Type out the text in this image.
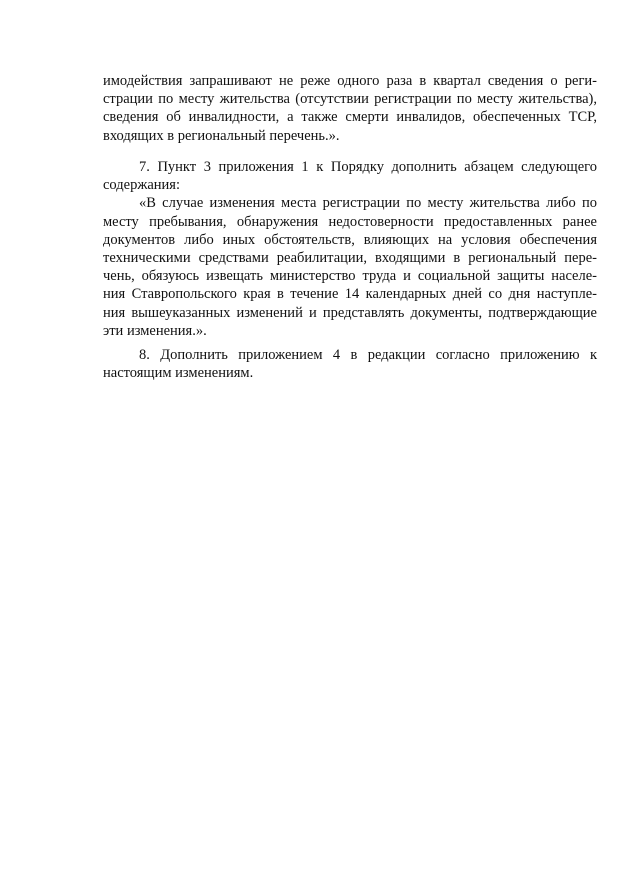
имодействия запрашивают не реже одного раза в квартал сведения о реги-
страции по месту жительства (отсутствии регистрации по месту жительства),
сведения об инвалидности, а также смерти инвалидов, обеспеченных ТСР,
входящих в региональный перечень.».
7. Пункт 3 приложения 1 к Порядку дополнить абзацем следующего
содержания:
«В случае изменения места регистрации по месту жительства либо по
месту пребывания, обнаружения недостоверности предоставленных ранее
документов либо иных обстоятельств, влияющих на условия обеспечения
техническими средствами реабилитации, входящими в региональный пере-
чень, обязуюсь извещать министерство труда и социальной защиты населе-
ния Ставропольского края в течение 14 календарных дней со дня наступле-
ния вышеуказанных изменений и представлять документы, подтверждающие
эти изменения.».
8. Дополнить приложением 4 в редакции согласно приложению к
настоящим изменениям.
